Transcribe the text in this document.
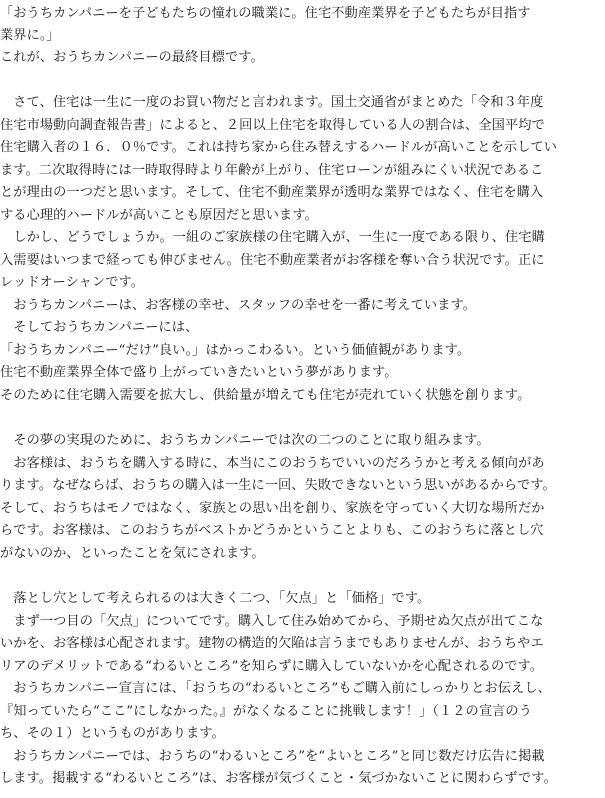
「おうちカンパニーを子どもたちの憧れの職業に。住宅不動産業界を子どもたちが目指す
業界に。」
これが、おうちカンパニーの最終目標です。
　さて、住宅は一生に一度のお買い物だと言われます。国土交通省がまとめた「令和３年度
住宅市場動向調査報告書」によると、２回以上住宅を取得している人の割合は、全国平均で
住宅購入者の１６．０％です。これは持ち家から住み替えするハードルが高いことを示してい
ます。二次取得時には一時取得時より年齢が上がり、住宅ローンが組みにくい状況であるこ
とが理由の一つだと思います。そして、住宅不動産業界が透明な業界ではなく、住宅を購入
する心理的ハードルが高いことも原因だと思います。
　しかし、どうでしょうか。一組のご家族様の住宅購入が、一生に一度である限り、住宅購
入需要はいつまで経っても伸びません。住宅不動産業者がお客様を奪い合う状況です。正に
レッドオーシャンです。
　おうちカンパニーは、お客様の幸せ、スタッフの幸せを一番に考えています。
　そしておうちカンパニーには、
「おうちカンパニー“だけ”良い。」はかっこわるい。という価値観があります。
住宅不動産業界全体で盛り上がっていきたいという夢があります。
そのために住宅購入需要を拡大し、供給量が増えても住宅が売れていく状態を創ります。
　その夢の実現のために、おうちカンパニーでは次の二つのことに取り組みます。
　お客様は、おうちを購入する時に、本当にこのおうちでいいのだろうかと考える傾向があ
ります。なぜならば、おうちの購入は一生に一回、失敗できないという思いがあるからです。
そして、おうちはモノではなく、家族との思い出を創り、家族を守っていく大切な場所だか
らです。お客様は、このおうちがベストかどうかということよりも、このおうちに落とし穴
がないのか、といったことを気にされます。
　落とし穴として考えられるのは大きく二つ、「欠点」と「価格」です。
　まず一つ目の「欠点」についてです。購入して住み始めてから、予期せぬ欠点が出てこな
いかを、お客様は心配されます。建物の構造的欠陥は言うまでもありませんが、おうちやエ
リアのデメリットである“わるいところ”を知らずに購入していないかを心配されるのです。
　おうちカンパニー宣言には、「おうちの“わるいところ”もご購入前にしっかりとお伝えし、
『知っていたら“ここ”にしなかった。』がなくなることに挑戦します！」（１２の宣言のう
ち、その１）というものがあります。
　おうちカンパニーでは、おうちの“わるいところ”を“よいところ”と同じ数だけ広告に掲載
します。掲載する“わるいところ”は、お客様が気づくこと・気づかないことに関わらずです。
